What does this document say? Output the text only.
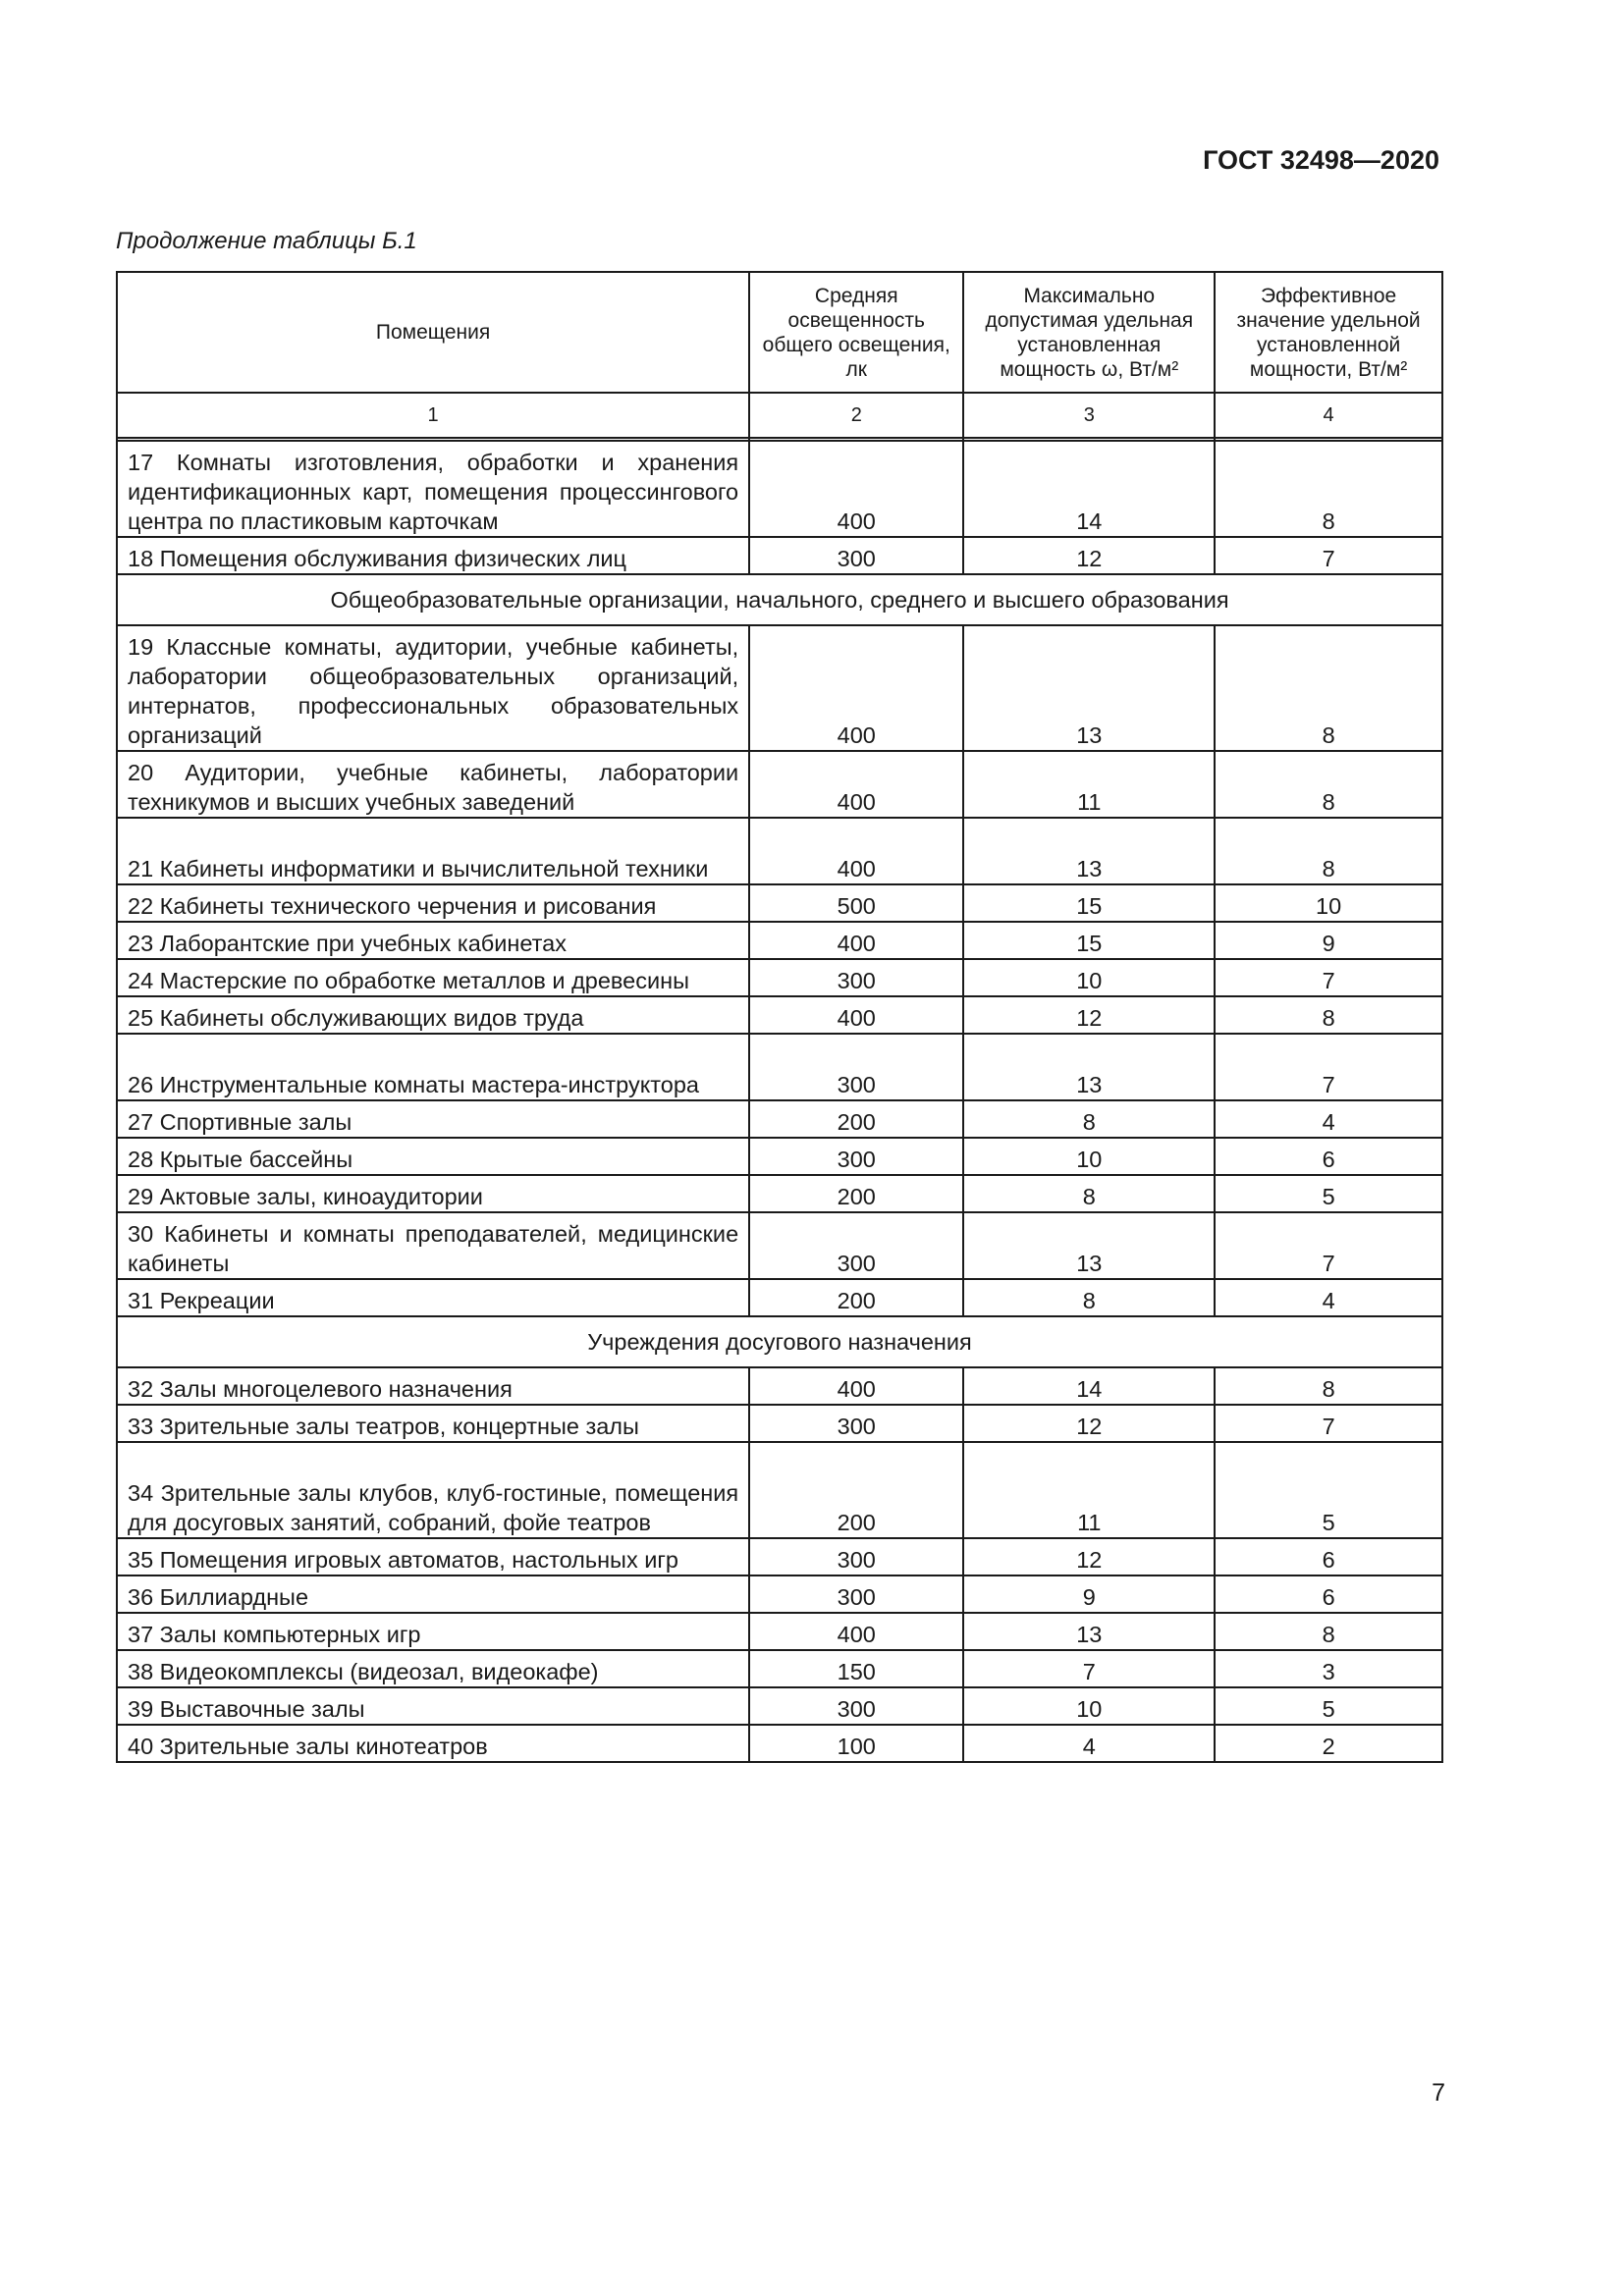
ГОСТ 32498—2020
Продолжение таблицы Б.1
Помещения	Средняя освещенность общего освещения, лк	Максимально допустимая удельная установленная мощность ω, Вт/м²	Эффективное значение удельной установленной мощности, Вт/м²
1	2	3	4

17 Комнаты изготовления, обработки и хранения идентификационных карт, помещения процессингового центра по пластиковым карточкам	400	14	8
18 Помещения обслуживания физических лиц	300	12	7
Общеобразовательные организации, начального, среднего и высшего образования			
19 Классные комнаты, аудитории, учебные кабинеты, лаборатории общеобразовательных организаций, интернатов, профессиональных образовательных организаций	400	13	8
20 Аудитории, учебные кабинеты, лаборатории техникумов и высших учебных заведений	400	11	8
21 Кабинеты информатики и вычислительной техники	400	13	8
22 Кабинеты технического черчения и рисования	500	15	10
23 Лаборантские при учебных кабинетах	400	15	9
24 Мастерские по обработке металлов и древесины	300	10	7
25 Кабинеты обслуживающих видов труда	400	12	8
26 Инструментальные комнаты мастера-инструктора	300	13	7
27 Спортивные залы	200	8	4
28 Крытые бассейны	300	10	6
29 Актовые залы, киноаудитории	200	8	5
30 Кабинеты и комнаты преподавателей, медицинские кабинеты	300	13	7
31 Рекреации	200	8	4
Учреждения досугового назначения			
32 Залы многоцелевого назначения	400	14	8
33 Зрительные залы театров, концертные залы	300	12	7
34 Зрительные залы клубов, клуб-гостиные, помещения для досуговых занятий, собраний, фойе театров	200	11	5
35 Помещения игровых автоматов, настольных игр	300	12	6
36 Биллиардные	300	9	6
37 Залы компьютерных игр	400	13	8
38 Видеокомплексы (видеозал, видеокафе)	150	7	3
39 Выставочные залы	300	10	5
40 Зрительные залы кинотеатров	100	4	2
7
